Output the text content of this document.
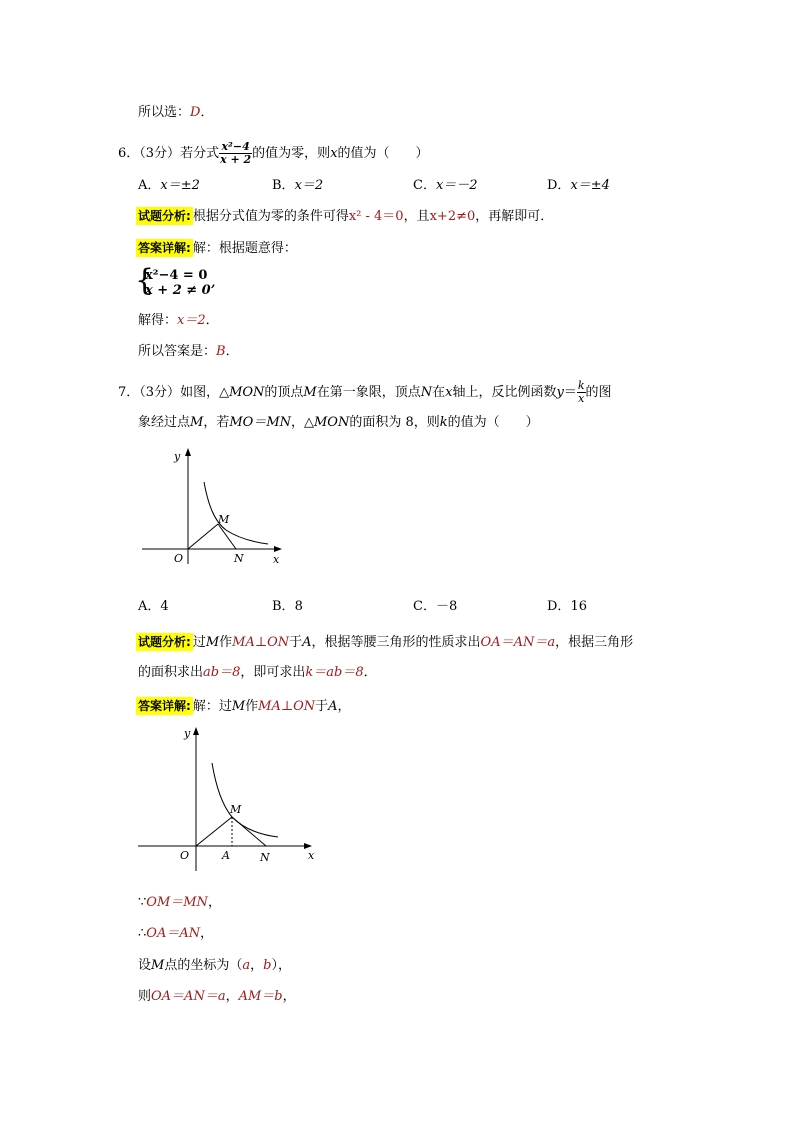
所以选：D．
6．（3分）若分式 $\frac{\text{x²−4}}{x + 2}$ 的值为零，则x的值为（　　）
A．x＝±2	B．x＝2	C．x＝－2	D．x＝±4
试题分析: 根据分式值为零的条件可得x² - 4＝0，且x+2≠0，再解即可．
答案详解: 解：根据题意得：
{
x²−4 = 0
x + 2 ≠ 0’
解得：x＝2．
所以答案是：B．
7．（3分）如图，△MON的顶点M在第一象限，顶点N在x轴上，反比例函数$y= \frac{k}{x}$ 的图
象经过点M，若MO＝MN，△MON的面积为 8，则k的值为（　　）
y
x
O
M
N
A．4	B．8	C．－8	D．16
试题分析: 过M作MA⊥ON于A，根据等腰三角形的性质求出OA＝AN＝a，根据三角形
的面积求出ab＝8，即可求出k＝ab＝8．
答案详解: 解：过M作MA⊥ON于A，
y
x
O
M
N
A
∵OM＝MN，
∴OA＝AN，
设M点的坐标为（a，b），
则OA＝AN＝a，AM＝b，
